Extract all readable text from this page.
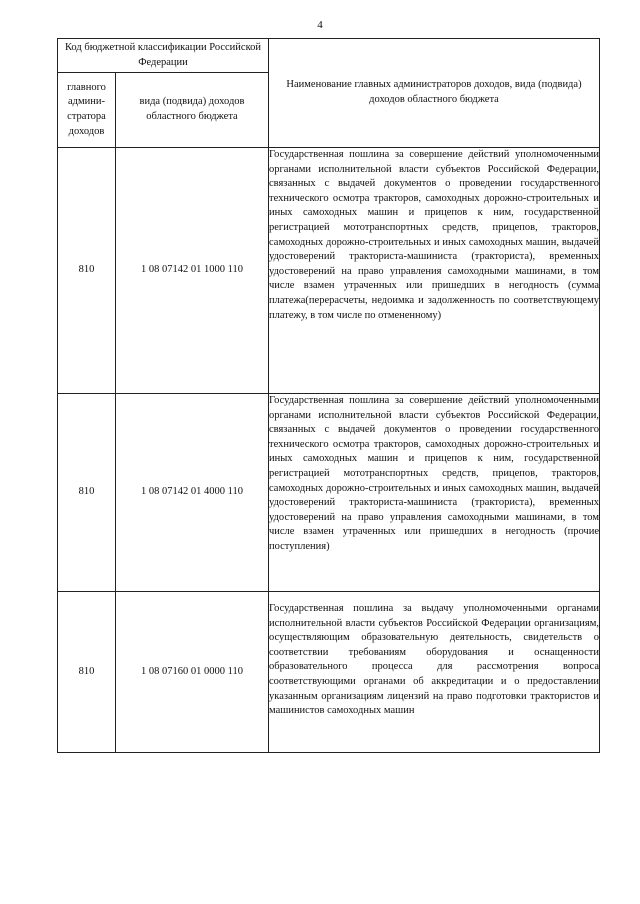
4
Код бюджетной классификации Российской Федерации		Наименование главных администраторов доходов, вида (подвида) доходов областного бюджета
главного админи-стратора доходов	вида (подвида) доходов областного бюджета	
810	1 08 07142 01 1000 110	Государственная пошлина за совершение действий уполномоченными органами исполнительной власти субъектов Российской Федерации, связанных с выдачей документов о проведении государственного технического осмотра тракторов, самоходных дорожно-строительных и иных самоходных машин и прицепов к ним, государственной регистрацией мототранспортных средств, прицепов, тракторов, самоходных дорожно-строительных и иных самоходных машин, выдачей удостоверений тракториста-машиниста (тракториста), временных удостоверений на право управления самоходными машинами, в том числе взамен утраченных или пришедших в негодность (сумма платежа(перерасчеты, недоимка и задолженность по соответствующему платежу, в том числе по отмененному)
810	1 08 07142 01 4000 110	Государственная пошлина за совершение действий уполномоченными органами исполнительной власти субъектов Российской Федерации, связанных с выдачей документов о проведении государственного технического осмотра тракторов, самоходных дорожно-строительных и иных самоходных машин и прицепов к ним, государственной регистрацией мототранспортных средств, прицепов, тракторов, самоходных дорожно-строительных и иных самоходных машин, выдачей удостоверений тракториста-машиниста (тракториста), временных удостоверений на право управления самоходными машинами, в том числе взамен утраченных или пришедших в негодность (прочие поступления)
810	1 08 07160 01 0000 110	Государственная пошлина за выдачу уполномоченными органами исполнительной власти субъектов Российской Федерации организациям, осуществляющим образовательную деятельность, свидетельств о соответствии требованиям оборудования и оснащенности образовательного процесса для рассмотрения вопроса соответствующими органами об аккредитации и о предоставлении указанным организациям лицензий на право подготовки трактористов и машинистов самоходных машин
